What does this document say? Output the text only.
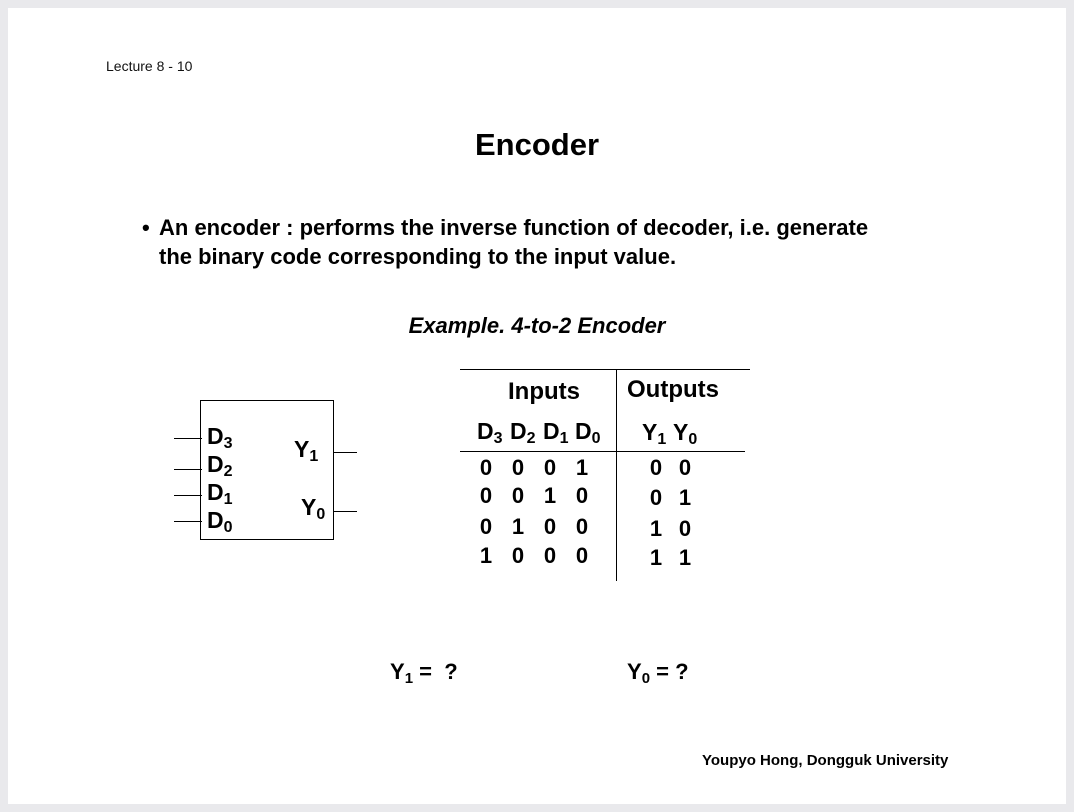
Lecture 8 - 10
Encoder
• An encoder : performs the inverse function of decoder, i.e. generate
the binary code corresponding to the input value.
Example. 4-to-2 Encoder
$D_3$
$D_2$
$D_1$
$D_0$
$Y_1$
$Y_0$
Inputs Outputs
$D_3$ $D_2$ $D_1$ $D_0$ $Y_1$ $Y_0$
0 0 0 1	0 0
0 0 1 0	0 1
0 1 0 0	1 0
1 0 0 0	1 1
$Y_1$ =  ?	$Y_0$ = ?
Youpyo Hong, Dongguk University
